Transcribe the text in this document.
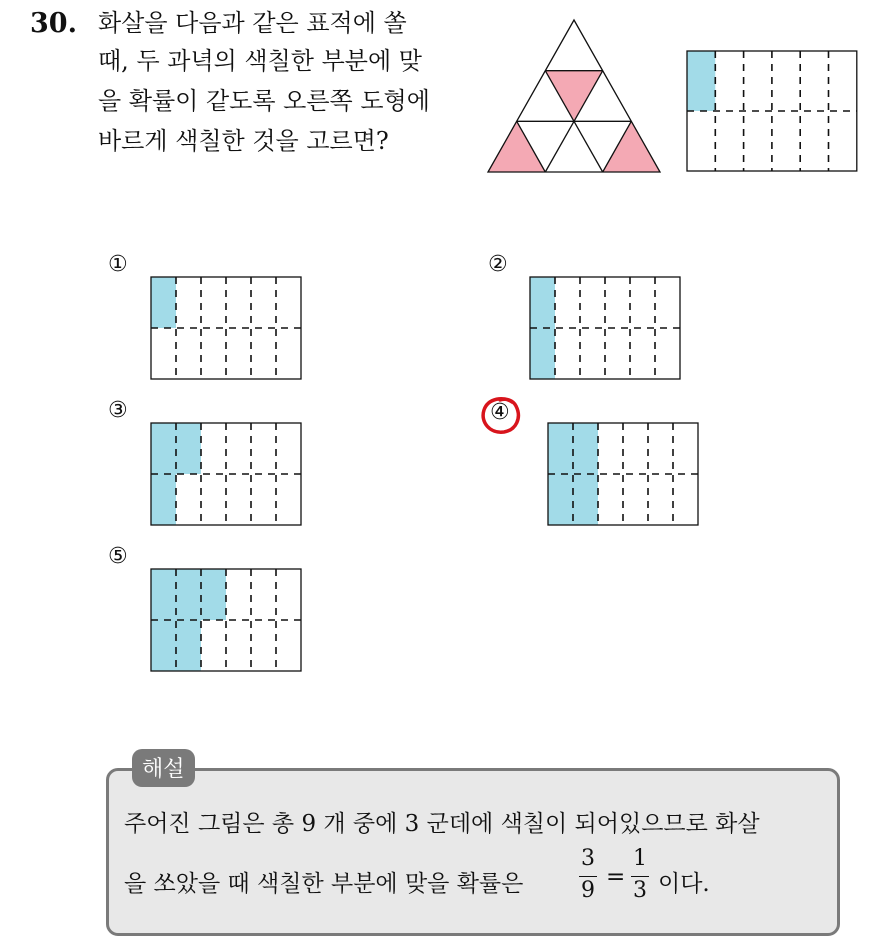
30. 화살을 다음과 같은 표적에 쏠
때, 두 과녁의 색칠한 부분에 맞
을 확률이 같도록 오른쪽 도형에
바르게 색칠한 것을 고르면?
①	②
③	④
⑤
해설
주어진 그림은 총 9 개 중에 3 군데에 색칠이 되어있으므로 화살
을 쏘았을 때 색칠한 부분에 맞을 확률은
3
9
=
1
3 이다.
